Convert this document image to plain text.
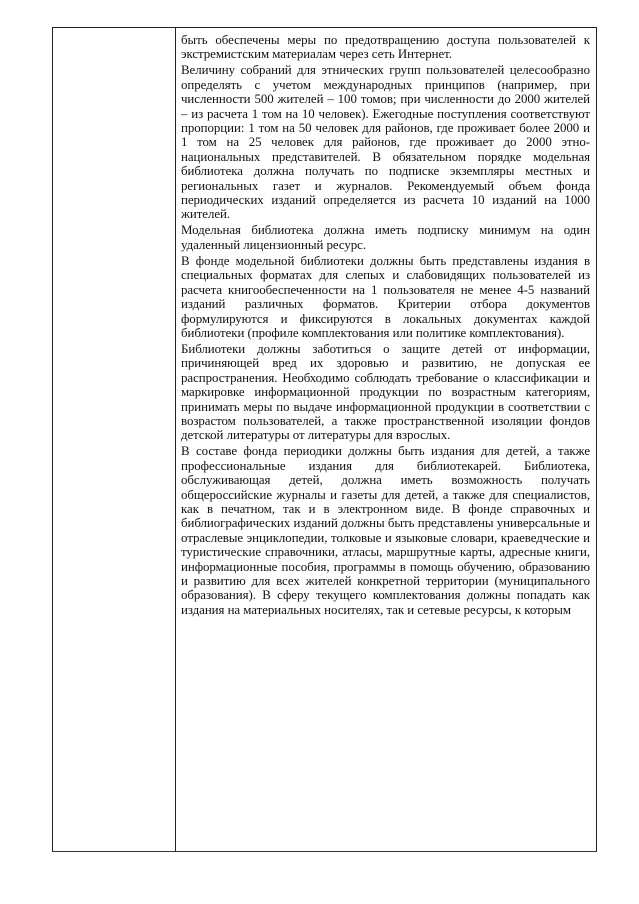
быть обеспечены меры по предотвращению доступа пользователей к экстремистским материалам через сеть Интернет.

Величину собраний для этнических групп пользователей целесообразно определять с учетом международных принципов (например, при численности 500 жителей – 100 томов; при численности до 2000 жителей – из расчета 1 том на 10 человек). Ежегодные поступления соответствуют пропорции: 1 том на 50 человек для районов, где проживает более 2000 и 1 том на 25 человек для районов, где проживает до 2000 этно-национальных представителей. В обязательном порядке модельная библиотека должна получать по подписке экземпляры местных и региональных газет и журналов. Рекомендуемый объем фонда периодических изданий определяется из расчета 10 изданий на 1000 жителей.

Модельная библиотека должна иметь подписку минимум на один удаленный лицензионный ресурс.

В фонде модельной библиотеки должны быть представлены издания в специальных форматах для слепых и слабовидящих пользователей из расчета книгообеспеченности на 1 пользователя не менее 4-5 названий изданий различных форматов. Критерии отбора документов формулируются и фиксируются в локальных документах каждой библиотеки (профиле комплектования или политике комплектования).

Библиотеки должны заботиться о защите детей от информации, причиняющей вред их здоровью и развитию, не допуская ее распространения. Необходимо соблюдать требование о классификации и маркировке информационной продукции по возрастным категориям, принимать меры по выдаче информационной продукции в соответствии с возрастом пользователей, а также пространственной изоляции фондов детской литературы от литературы для взрослых.

В составе фонда периодики должны быть издания для детей, а также профессиональные издания для библиотекарей. Библиотека, обслуживающая детей, должна иметь возможность получать общероссийские журналы и газеты для детей, а также для специалистов, как в печатном, так и в электронном виде. В фонде справочных и библиографических изданий должны быть представлены универсальные и отраслевые энциклопедии, толковые и языковые словари, краеведческие и туристические справочники, атласы, маршрутные карты, адресные книги, информационные пособия, программы в помощь обучению, образованию и развитию для всех жителей конкретной территории (муниципального образования). В сферу текущего комплектования должны попадать как издания на материальных носителях, так и сетевые ресурсы, к которым
